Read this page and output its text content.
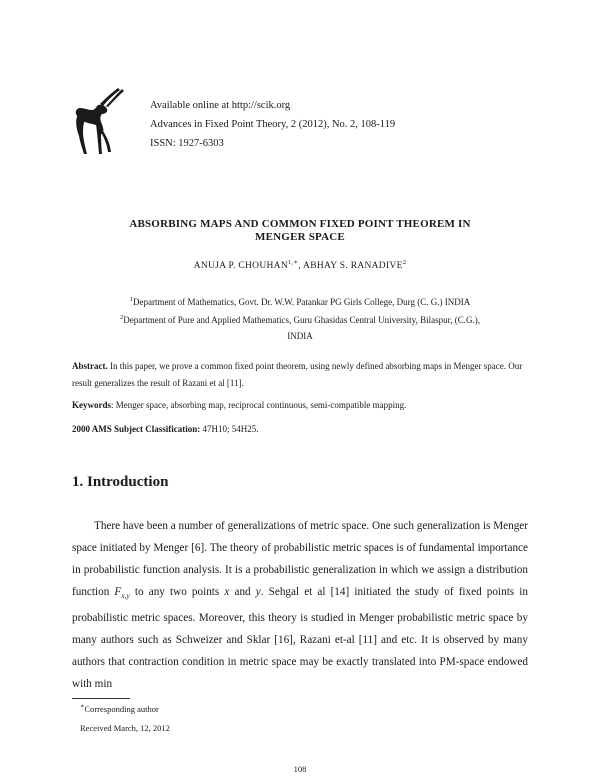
Available online at http://scik.org
Advances in Fixed Point Theory, 2 (2012), No. 2, 108-119
ISSN: 1927-6303
ABSORBING MAPS AND COMMON FIXED POINT THEOREM IN
MENGER SPACE
ANUJA P. $CHOUHAN^{1,∗}$, ABHAY S. RANADIVE$^2$
$^1$Department of Mathematics, Govt. Dr. W.W. Patankar PG Girls College, Durg (C. G.) INDIA
$^2$Department of Pure and Applied Mathematics, Guru Ghasidas Central University, Bilaspur, (C.G.),
INDIA
Abstract. In this paper, we prove a common fixed point theorem, using newly defined absorbing maps in Menger space. Our result generalizes the result of Razani et al [11].
Keywords: Menger space, absorbing map, reciprocal continuous, semi-compatible mapping.
2000 AMS Subject Classification: 47H10; 54H25.
1. Introduction

There have been a number of generalizations of metric space. One such generalization is Menger space initiated by Menger [6]. The theory of probabilistic metric spaces is of fundamental importance in probabilistic function analysis. It is a probabilistic generalization in which we assign a distribution function $F_{x,y}$ to any two points x and y. Sehgal et al [14] initiated the study of fixed points in probabilistic metric spaces. Moreover, this theory is studied in Menger probabilistic metric space by many authors such as Schweizer and Sklar [16], Razani et-al [11] and etc. It is observed by many authors that contraction condition in metric space may be exactly translated into PM-space endowed with min

∗Corresponding author
Received March, 12, 2012
108
